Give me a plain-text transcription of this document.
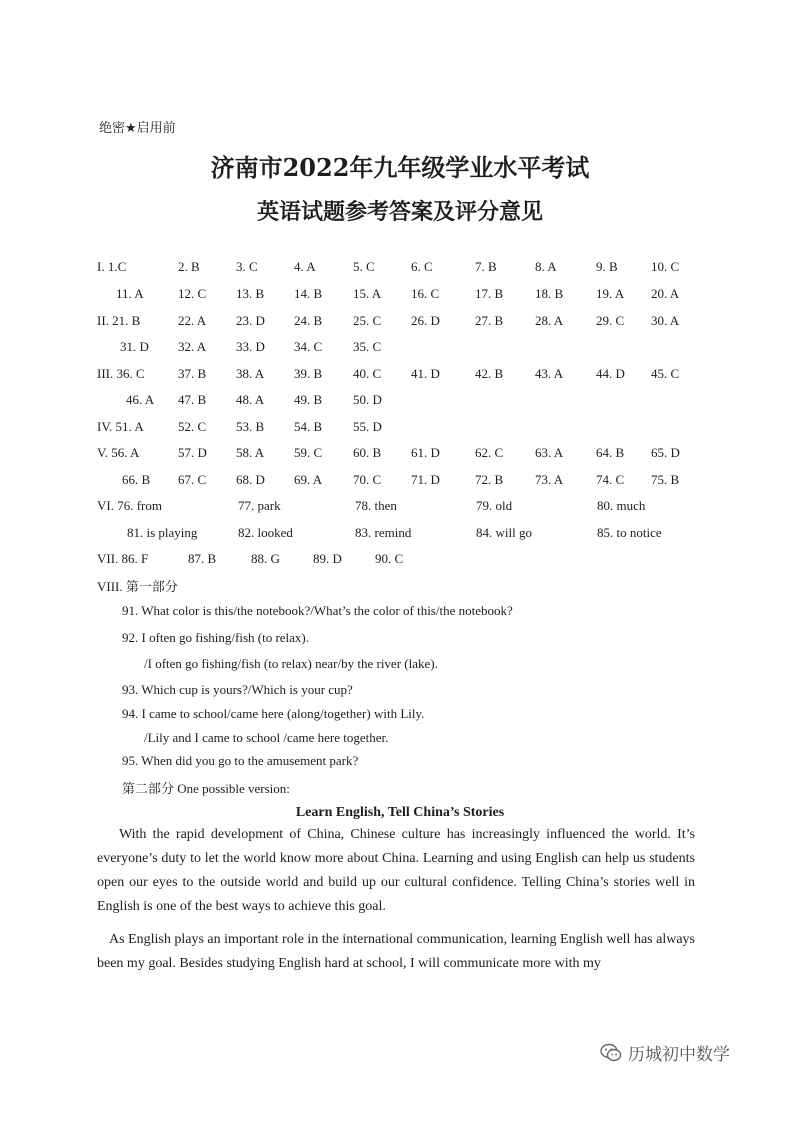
绝密★启用前
济南市2022年九年级学业水平考试
英语试题参考答案及评分意见
I. 1.C	2. B	3. C	4. A	5. C	6. C	7. B	8. A	9. B	10. C
11. A	12. C 13. B 14. B 15. A 16. C	17. B 18. B	19. A 20. A
II. 21. B	22. A 23. D 24. B 25. C 26. D	27. B 28. A	29. C 30. A
31. D 32. A 33. D 34. C 35. C
III. 36. C	37. B 38. A 39. B 40. C 41. D	42. B 43. A	44. D 45. C
46. A 47. B 48. A 49. B 50. D
IV. 51. A	52. C 53. B 54. B 55. D
V. 56. A	57. D 58. A 59. C 60. B 61. D	62. C 63. A	64. B 65. D
66. B 67. C 68. D 69. A 70. C 71. D	72. B 73. A	74. C 75. B
VI. 76. from	77. park	78. then	79. old	80. much
81. is playing	82. looked	83. remind	84. will go	85. to notice
VII. 86. F	87. B	88. G	89. D	90. C
VIII. 第一部分
91. What color is this/the notebook?/What’s the color of this/the notebook?
92. I often go fishing/fish (to relax).
/I often go fishing/fish (to relax) near/by the river (lake).
93. Which cup is yours?/Which is your cup?
94. I came to school/came here (along/together) with Lily.
/Lily and I came to school /came here together.
95. When did you go to the amusement park?
第二部分 One possible version:
Learn English, Tell China’s Stories
With the rapid development of China, Chinese culture has increasingly influenced the world. It’s everyone’s duty to let the world know more about China. Learning and using English can help us students open our eyes to the outside world and build up our cultural confidence. Telling China’s stories well in English is one of the best ways to achieve this goal.
As English plays an important role in the international communication, learning English well has always been my goal. Besides studying English hard at school, I will communicate more with my
历城初中数学
